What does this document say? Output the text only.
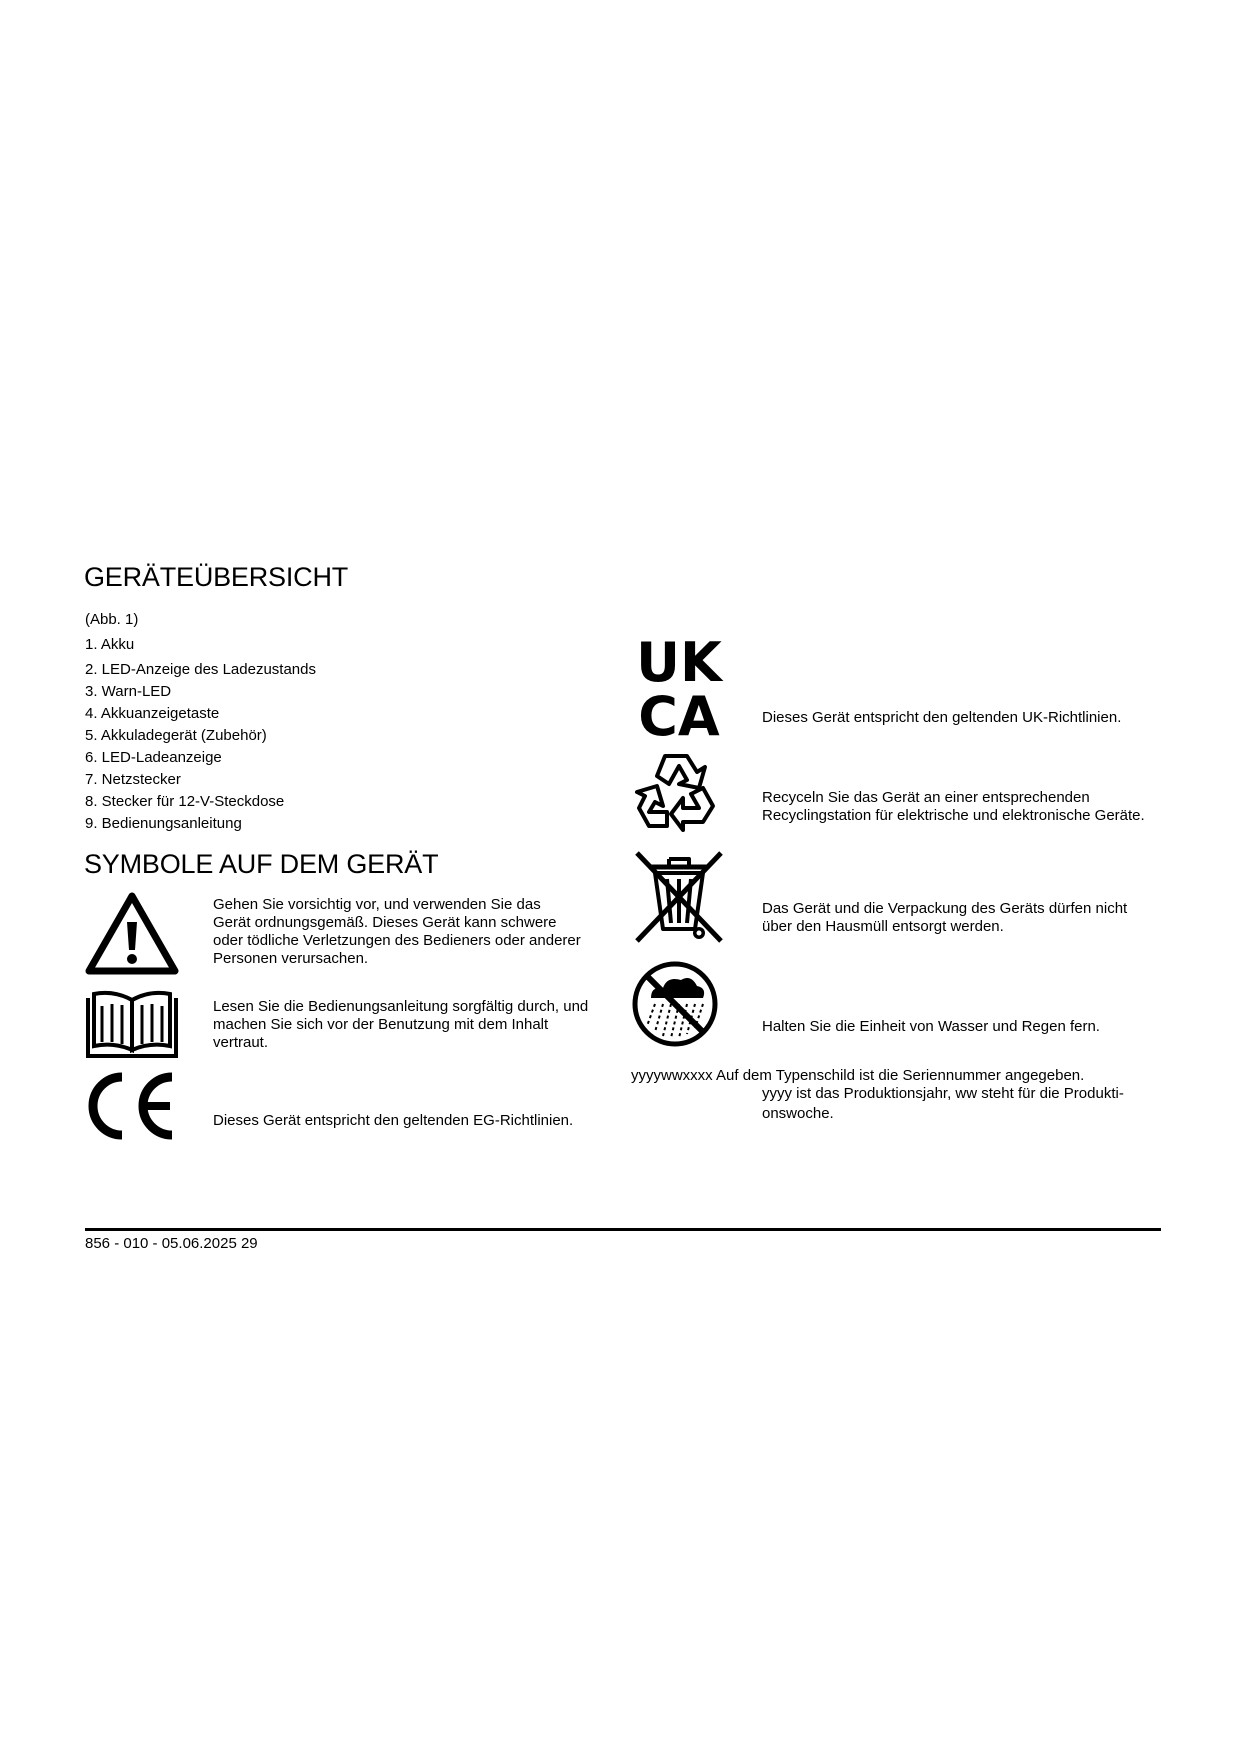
GERÄTEÜBERSICHT
(Abb. 1)
1. Akku
2. LED-Anzeige des Ladezustands
3. Warn-LED
4. Akkuanzeigetaste
5. Akkuladegerät (Zubehör)
6. LED-Ladeanzeige
7. Netzstecker
8. Stecker für 12-V-Steckdose
9. Bedienungsanleitung
SYMBOLE AUF DEM GERÄT
Gehen Sie vorsichtig vor, und verwenden Sie das
Gerät ordnungsgemäß. Dieses Gerät kann schwere
oder tödliche Verletzungen des Bedieners oder anderer
Personen verursachen.
Lesen Sie die Bedienungsanleitung sorgfältig durch, und
machen Sie sich vor der Benutzung mit dem Inhalt
vertraut.
Dieses Gerät entspricht den geltenden EG-Richtlinien.
UK
CA	Dieses Gerät entspricht den geltenden UK-Richtlinien.
Recyceln Sie das Gerät an einer entsprechenden
Recyclingstation für elektrische und elektronische Geräte.
Das Gerät und die Verpackung des Geräts dürfen nicht
über den Hausmüll entsorgt werden.
Halten Sie die Einheit von Wasser und Regen fern.
yyyywwxxxx Auf dem Typenschild ist die Seriennummer angegeben.
yyyy ist das Produktionsjahr, ww steht für die Produkti-
onswoche.
856 - 010 - 05.06.2025 29
